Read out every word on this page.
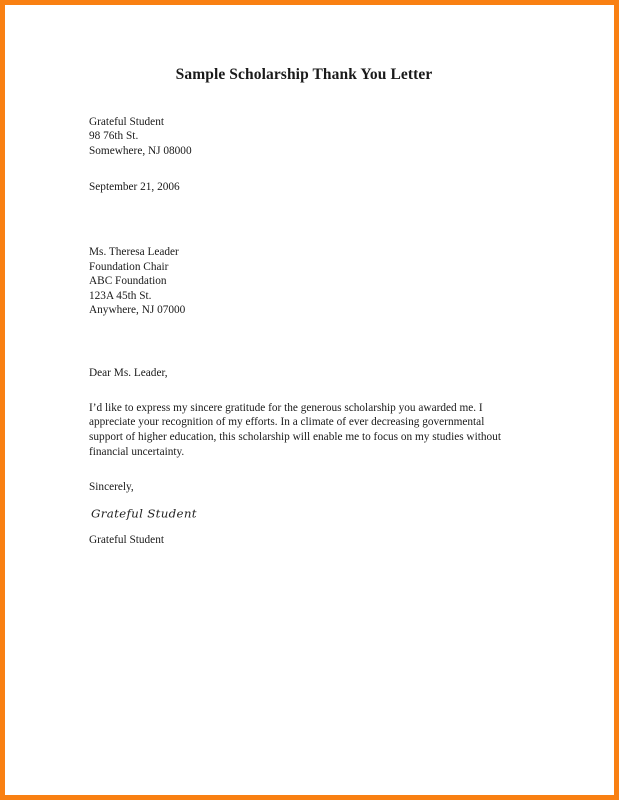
Sample Scholarship Thank You Letter
Grateful Student
98 76th St.
Somewhere, NJ 08000
September 21, 2006
Ms. Theresa Leader
Foundation Chair
ABC Foundation
123A 45th St.
Anywhere, NJ 07000
Dear Ms. Leader,

I’d like to express my sincere gratitude for the generous scholarship you awarded me. I appreciate your recognition of my efforts. In a climate of ever decreasing governmental support of higher education, this scholarship will enable me to focus on my studies without financial uncertainty.

Sincerely,
Grateful Student
Grateful Student
